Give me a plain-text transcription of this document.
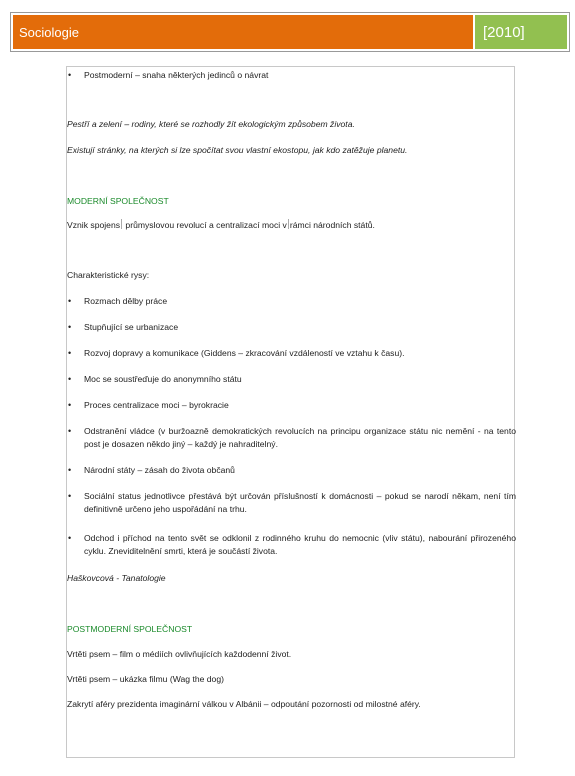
Sociologie	[2010]
•	Postmoderní – snaha některých jedinců o návrat
Pestří a zelení – rodiny, které se rozhodly žít ekologickým způsobem života.
Existují stránky, na kterých si lze spočítat svou vlastní ekostopu, jak kdo zatěžuje planetu.
MODERNÍ SPOLEČNOST
Vznik spojens průmyslovou revolucí a centralizací moci v rámci národních států.
Charakteristické rysy:
•	Rozmach dělby práce
•	Stupňující se urbanizace
•	Rozvoj dopravy a komunikace (Giddens – zkracování vzdáleností ve vztahu k času).
•	Moc se soustřeďuje do anonymního státu
•	Proces centralizace moci – byrokracie
•	Odstranění vládce (v buržoazně demokratických revolucích na principu organizace státu nic nemění - na tento post je dosazen někdo jiný – každý je nahraditelný.
•	Národní státy – zásah do života občanů
•	Sociální status jednotlivce přestává být určován příslušností k domácnosti – pokud se narodí někam, není tím definitivně určeno jeho uspořádání na trhu.
•	Odchod i příchod na tento svět se odklonil z rodinného kruhu do nemocnic (vliv státu), nabourání přirozeného cyklu. Zneviditelnění smrti, která je součástí života.
Haškovcová - Tanatologie
POSTMODERNÍ SPOLEČNOST
Vrtěti psem – film o médiích ovlivňujících každodenní život.
Vrtěti psem – ukázka filmu (Wag the dog)
Zakrytí aféry prezidenta imaginární válkou v Albánii – odpoutání pozornosti od milostné aféry.
